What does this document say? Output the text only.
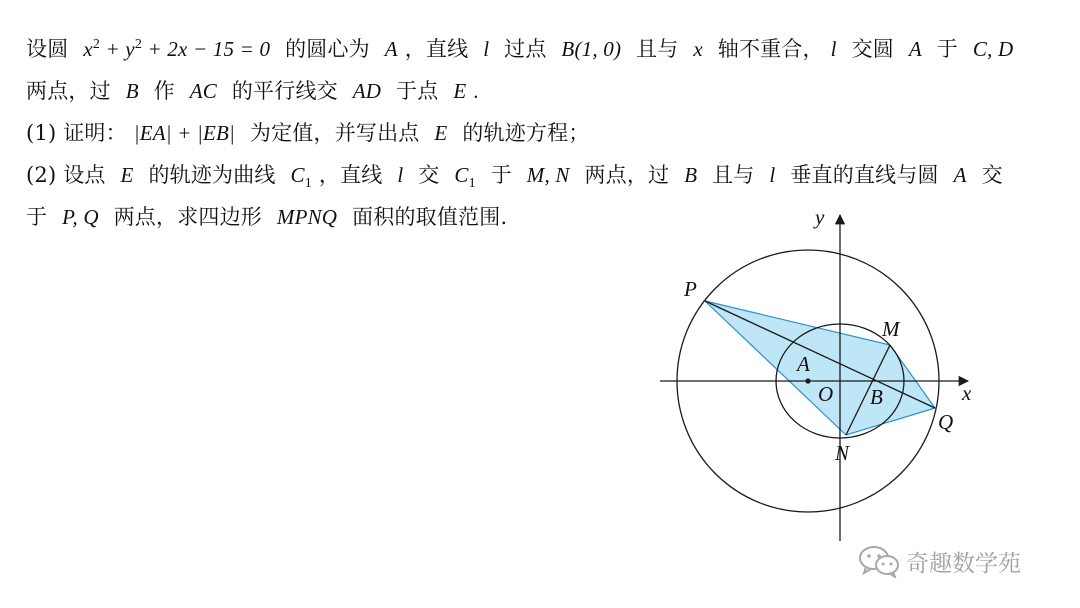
设圆 $x^2 + y^2 + 2x - 15 = 0$ 的圆心为 A ，直线 l 过点 B(1, 0) 且与 x 轴不重合， l 交圆 A 于 C, D
两点，过 B 作 AC 的平行线交 AD 于点 E .
(1) 证明： |EA| + |EB| 为定值，并写出点 E 的轨迹方程；
(2) 设点 E 的轨迹为曲线 $C_1$ ，直线 l 交 $C_1$ 于 M, N 两点，过 B 且与 l 垂直的直线与圆 A 交
于 P, Q 两点，求四边形 MPNQ 面积的取值范围.	y
x
P
M
A
O B
Q
N
奇趣数学苑
